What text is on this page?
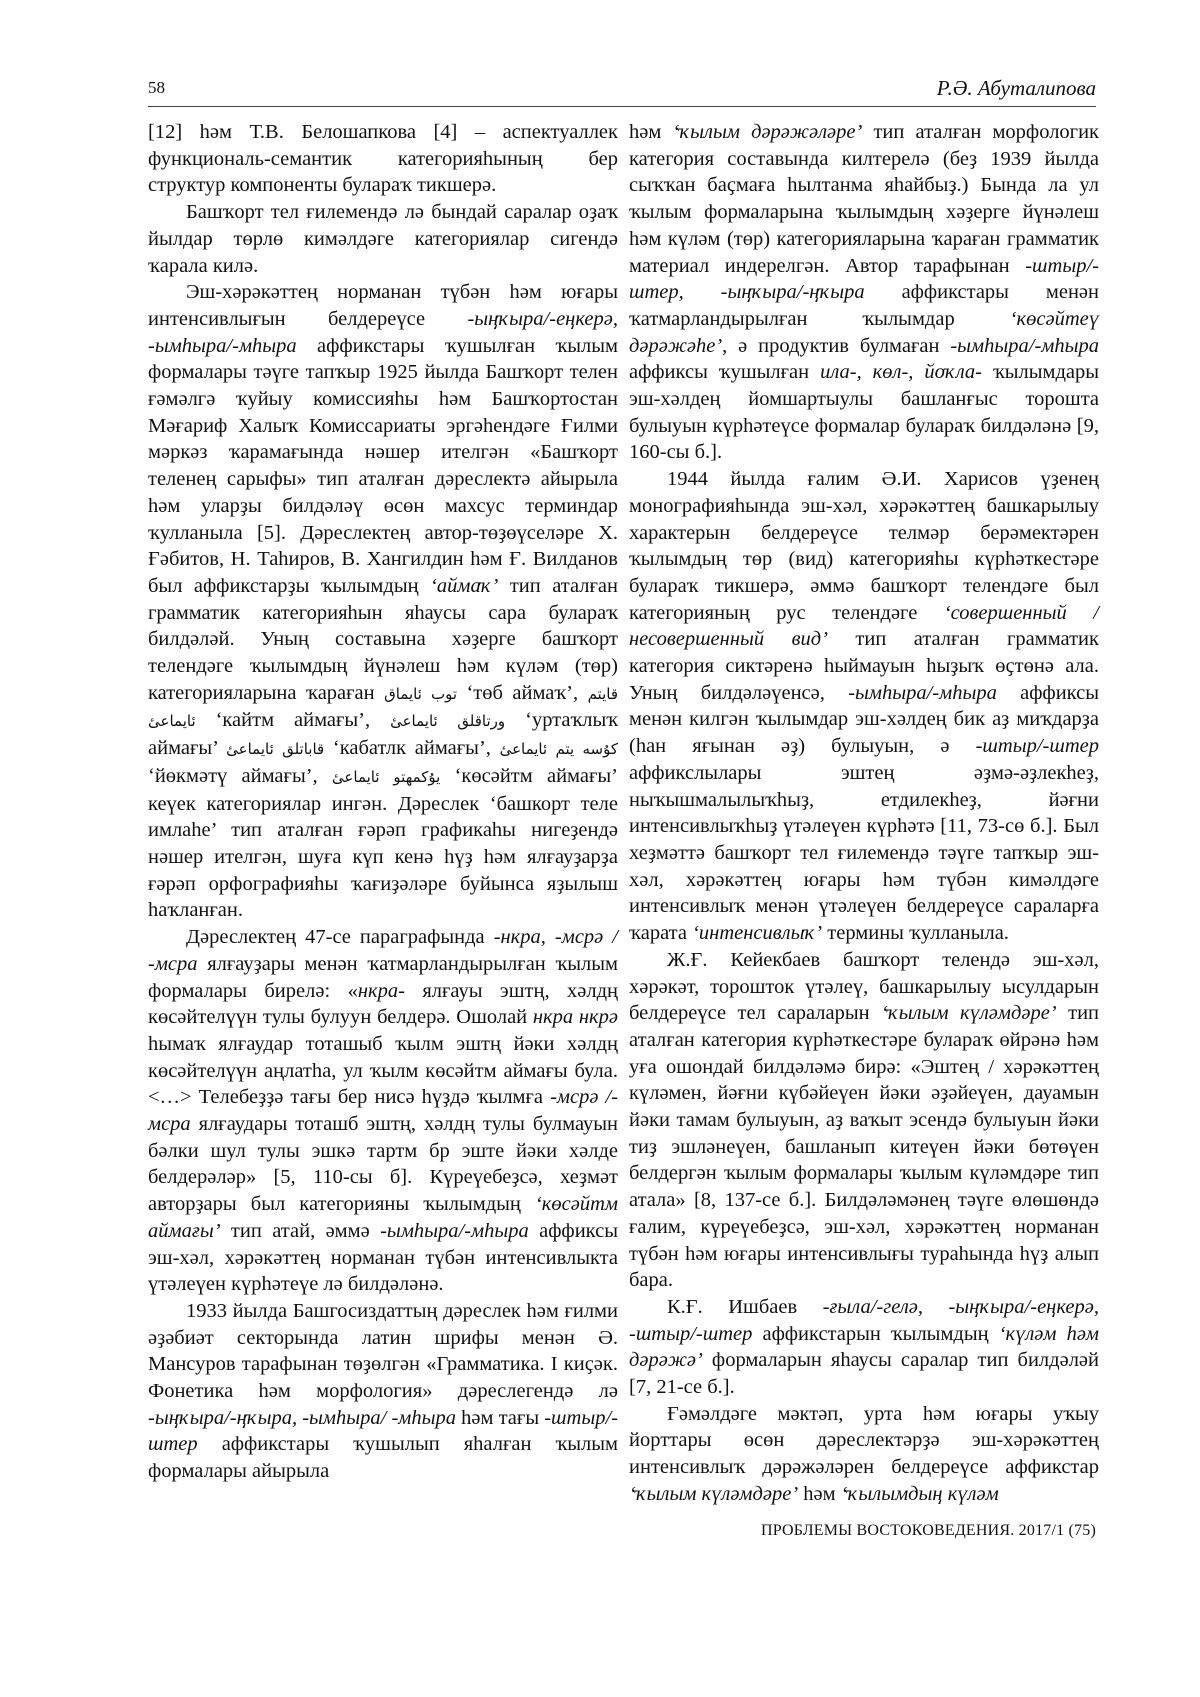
58	Р.Ә. Абуталипова

[12] һәм Т.В. Белошапкова [4] – аспектуаллек функциональ-семантик категорияһының бер структур компоненты булараҡ тикшерә.

Башҡорт тел ғилемендә лә бындай саралар оҙаҡ йылдар төрлө кимәлдәге категориялар сигендә ҡарала килә.

Эш-хәрәкәттең норманан түбән һәм юғары интенсивлығын белдереүсе -ыңҡыра/-еңкерә, -ымһыра/-мһыра аффикстары ҡушылған ҡылым формалары тәүге тапҡыр 1925 йылда Башҡорт телен ғәмәлгә ҡуйыу комиссияһы һәм Башҡортостан Мәғариф Халыҡ Комиссариаты эргәһендәге Ғилми мәркәз ҡарамағында нәшер ителгән «Башҡорт теленең сарыфы» тип аталған дәреслектә айырыла һәм уларҙы билдәләү өсөн махсус терминдар ҡулланыла [5]. Дәреслектең автор-төҙөүселәре Х. Ғәбитов, Н. Таһиров, В. Хангилдин һәм Ғ. Вилданов был аффикстарҙы ҡылымдың ‘аймаҡ’ тип аталған грамматик категорияһын яһаусы сара булараҡ билдәләй. Уның составына хәҙерге башҡорт телендәге ҡылымдың йүнәлеш һәм күләм (төр) категорияларына ҡараған توب ئايماق ‘төб аймаҡ’, قايتم ئايماعىٔ ‘кайтм аймағы’, ورتاقلق ئايماعىٔ ‘уртаҡлыҡ аймағы’ قاباتلق ئايماعىٔ ‘кабатлк аймағы’, كۇسه يتم ئايماعىٔ ‘йөкмәтү аймағы’, يۇكمهتو ئايماعىٔ ‘көсәйтм аймағы’ кеүек категориялар ингән. Дәреслек ‘башкорт теле имлаһе’ тип аталған ғәрәп графикаһы нигеҙендә нәшер ителгән, шуға күп кенә һүҙ һәм ялғауҙарҙа ғәрәп орфографияһы ҡағиҙәләре буйынса яҙылыш һаҡланған.

Дәреслектең 47-се параграфында -нкра, -мсрә / -мсра ялғауҙары менән ҡатмарландырылған ҡылым формалары бирелә: «нкра- ялғауы эштң, хәлдң көсәйтелүүн тулы булуун белдерә. Ошолай нкра нкрә һымаҡ ялғаудар тоташыб ҡылм эштң йәки хәлдң көсәйтелүүн аңлатһа, ул ҡылм көсәйтм аймағы була. <…> Телебеҙҙә тағы бер нисә һүҙдә ҡылмға -мсрә /-мсра ялғаудары тоташб эштң, хәлдң тулы булмауын бәлки шул тулы эшкә тартм бр эште йәки хәлде белдерәләр» [5, 110-сы б]. Күреүебеҙсә, хеҙмәт авторҙары был категорияны ҡылымдың ‘көсәйтм аймағы’ тип атай, әммә -ымһыра/-мһыра аффиксы эш-хәл, хәрәкәттең норманан түбән интенсивлыкта үтәлеүен күрһәтеүе лә билдәләнә.

1933 йылда Башгосиздаттың дәреслек һәм ғилми әҙәбиәт секторында латин шрифы менән Ә. Мансуров тарафынан төҙөлгән «Грамматика. I киҫәк. Фонетика һәм морфология» дәреслегендә лә -ыңҡыра/-ңҡыра, -ымһыра/ -мһыра һәм тағы -штыр/-штер аффикстары ҡушылып яһалған ҡылым формалары айырыла

һәм ‘ҡылым дәрәжәләре’ тип аталған морфологик категория составында килтерелә (беҙ 1939 йылда сыҡҡан баҫмаға һылтанма яһайбыҙ.) Бында ла ул ҡылым формаларына ҡылымдың хәҙерге йүнәлеш һәм күләм (төр) категорияларына ҡараған грамматик материал индерелгән. Автор тарафынан -штыр/-штер, -ыңҡыра/-ңҡыра аффикстары менән ҡатмарландырылған ҡылымдар ‘көсәйтеү дәрәжәһе’, ә продуктив булмаған -ымһыра/-мһыра аффиксы ҡушылған ила-, көл-, йоҡла- ҡылымдары эш-хәлдең йомшартыулы башланғыс торошта булыуын күрһәтеүсе формалар булараҡ билдәләнә [9, 160-сы б.].

1944 йылда ғалим Ә.И. Харисов үҙенең монографияһында эш-хәл, хәрәкәттең башкарылыу характерын белдереүсе телмәр берәмектәрен ҡылымдың төр (вид) категорияһы күрһәткестәре булараҡ тикшерә, әммә башҡорт телендәге был категорияның рус телендәге ‘совершенный / несовершенный вид’ тип аталған грамматик категория сиктәренә һыймауын һыҙыҡ өҫтөнә ала. Уның билдәләүенсә, -ымһыра/-мһыра аффиксы менән килгән ҡылымдар эш-хәлдең бик аҙ миҡдарҙа (һан яғынан әҙ) булыуын, ә -штыр/-штер аффикслылары эштең әҙмә-әҙлекһеҙ, ныҡышмалылыҡһыҙ, етдилекһеҙ, йәғни интенсивлыҡһыҙ үтәлеүен күрһәтә [11, 73-сө б.]. Был хеҙмәттә башҡорт тел ғилемендә тәүге тапҡыр эш-хәл, хәрәкәттең юғары һәм түбән кимәлдәге интенсивлыҡ менән үтәлеүен белдереүсе сараларға ҡарата ‘интенсивлыҡ’ термины ҡулланыла.

Ж.Ғ. Кейекбаев башҡорт телендә эш-хәл, хәрәкәт, торошток үтәлеү, башкарылыу ысулдарын белдереүсе тел сараларын ‘ҡылым күләмдәре’ тип аталған категория күрһәткестәре булараҡ өйрәнә һәм уға ошондай билдәләмә бирә: «Эштең / хәрәкәттең күләмен, йәғни күбәйеүен йәки әҙәйеүен, дауамын йәки тамам булыуын, аҙ ваҡыт эсендә булыуын йәки тиҙ эшләнеүен, башланып китеүен йәки бөтөүен белдергән ҡылым формалары ҡылым күләмдәре тип атала» [8, 137-се б.]. Билдәләмәнең тәүге өлөшөндә ғалим, күреүебеҙсә, эш-хәл, хәрәкәттең норманан түбән һәм юғары интенсивлығы тураһында һүҙ алып бара.

К.Ғ. Ишбаев -ғыла/-гелә, -ыңҡыра/-еңкерә, -штыр/-штер аффикстарын ҡылымдың ‘күләм һәм дәрәжә’ формаларын яһаусы саралар тип билдәләй [7, 21-се б.].

Ғәмәлдәге мәктәп, урта һәм юғары уҡыу йорттары өсөн дәреслектәрҙә эш-хәрәкәттең интенсивлыҡ дәрәжәләрен белдереүсе аффикстар ‘ҡылым күләмдәре’ һәм ‘ҡылымдың күләм

ПРОБЛЕМЫ ВОСТОКОВЕДЕНИЯ. 2017/1 (75)
